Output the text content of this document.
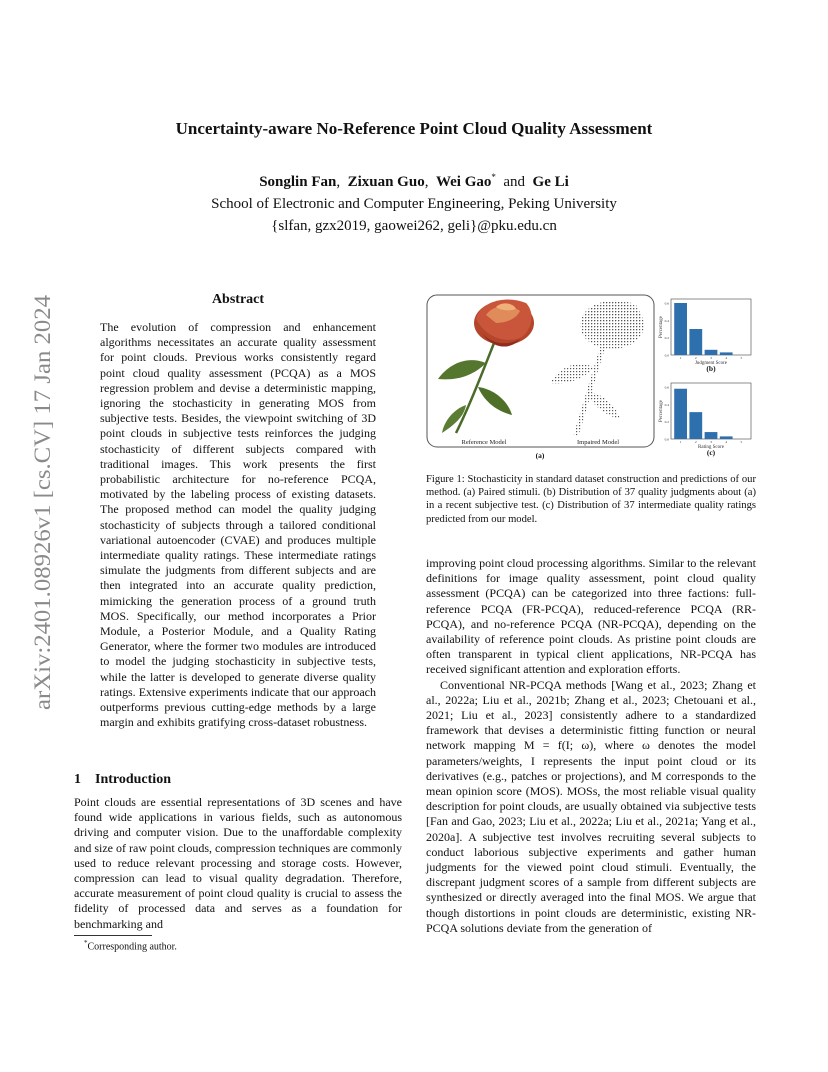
arXiv:2401.08926v1 [cs.CV] 17 Jan 2024
Uncertainty-aware No-Reference Point Cloud Quality Assessment
Songlin Fan, Zixuan Guo, Wei Gao* and Ge Li
School of Electronic and Computer Engineering, Peking University
{slfan, gzx2019, gaowei262, geli}@pku.edu.cn
Abstract
The evolution of compression and enhancement algorithms necessitates an accurate quality assessment for point clouds. Previous works consistently regard point cloud quality assessment (PCQA) as a MOS regression problem and devise a deterministic mapping, ignoring the stochasticity in generating MOS from subjective tests. Besides, the viewpoint switching of 3D point clouds in subjective tests reinforces the judging stochasticity of different subjects compared with traditional images. This work presents the first probabilistic architecture for no-reference PCQA, motivated by the labeling process of existing datasets. The proposed method can model the quality judging stochasticity of subjects through a tailored conditional variational autoencoder (CVAE) and produces multiple intermediate quality ratings. These intermediate ratings simulate the judgments from different subjects and are then integrated into an accurate quality prediction, mimicking the generation process of a ground truth MOS. Specifically, our method incorporates a Prior Module, a Posterior Module, and a Quality Rating Generator, where the former two modules are introduced to model the judging stochasticity in subjective tests, while the latter is developed to generate diverse quality ratings. Extensive experiments indicate that our approach outperforms previous cutting-edge methods by a large margin and exhibits gratifying cross-dataset robustness.
1 Introduction
Point clouds are essential representations of 3D scenes and have found wide applications in various fields, such as autonomous driving and computer vision. Due to the unaffordable complexity and size of raw point clouds, compression techniques are commonly used to reduce relevant processing and storage costs. However, compression can lead to visual quality degradation. Therefore, accurate measurement of point cloud quality is crucial to assess the fidelity of processed data and serves as a foundation for benchmarking and
*Corresponding author.
Reference Model	Impaired Model
(a)
0.6
0.4
0.2
0.0
Percentage
1	2	3	4	5
Judgment Score
(b)
0.6
0.4
0.2
0.0
Percentage
1	2	3	4	5
Rating Score
(c)
Figure 1: Stochasticity in standard dataset construction and predictions of our method. (a) Paired stimuli. (b) Distribution of 37 quality judgments about (a) in a recent subjective test. (c) Distribution of 37 intermediate quality ratings predicted from our model.

improving point cloud processing algorithms. Similar to the relevant definitions for image quality assessment, point cloud quality assessment (PCQA) can be categorized into three factions: full-reference PCQA (FR-PCQA), reduced-reference PCQA (RR-PCQA), and no-reference PCQA (NR-PCQA), depending on the availability of reference point clouds. As pristine point clouds are often transparent in typical client applications, NR-PCQA has received significant attention and exploration efforts.

Conventional NR-PCQA methods [Wang et al., 2023; Zhang et al., 2022a; Liu et al., 2021b; Zhang et al., 2023; Chetouani et al., 2021; Liu et al., 2023] consistently adhere to a standardized framework that devises a deterministic fitting function or neural network mapping M = f(I; ω), where ω denotes the model parameters/weights, I represents the input point cloud or its derivatives (e.g., patches or projections), and M corresponds to the mean opinion score (MOS). MOSs, the most reliable visual quality description for point clouds, are usually obtained via subjective tests [Fan and Gao, 2023; Liu et al., 2022a; Liu et al., 2021a; Yang et al., 2020a]. A subjective test involves recruiting several subjects to conduct laborious subjective experiments and gather human judgments for the viewed point cloud stimuli. Eventually, the discrepant judgment scores of a sample from different subjects are synthesized or directly averaged into the final MOS. We argue that though distortions in point clouds are deterministic, existing NR-PCQA solutions deviate from the generation of
